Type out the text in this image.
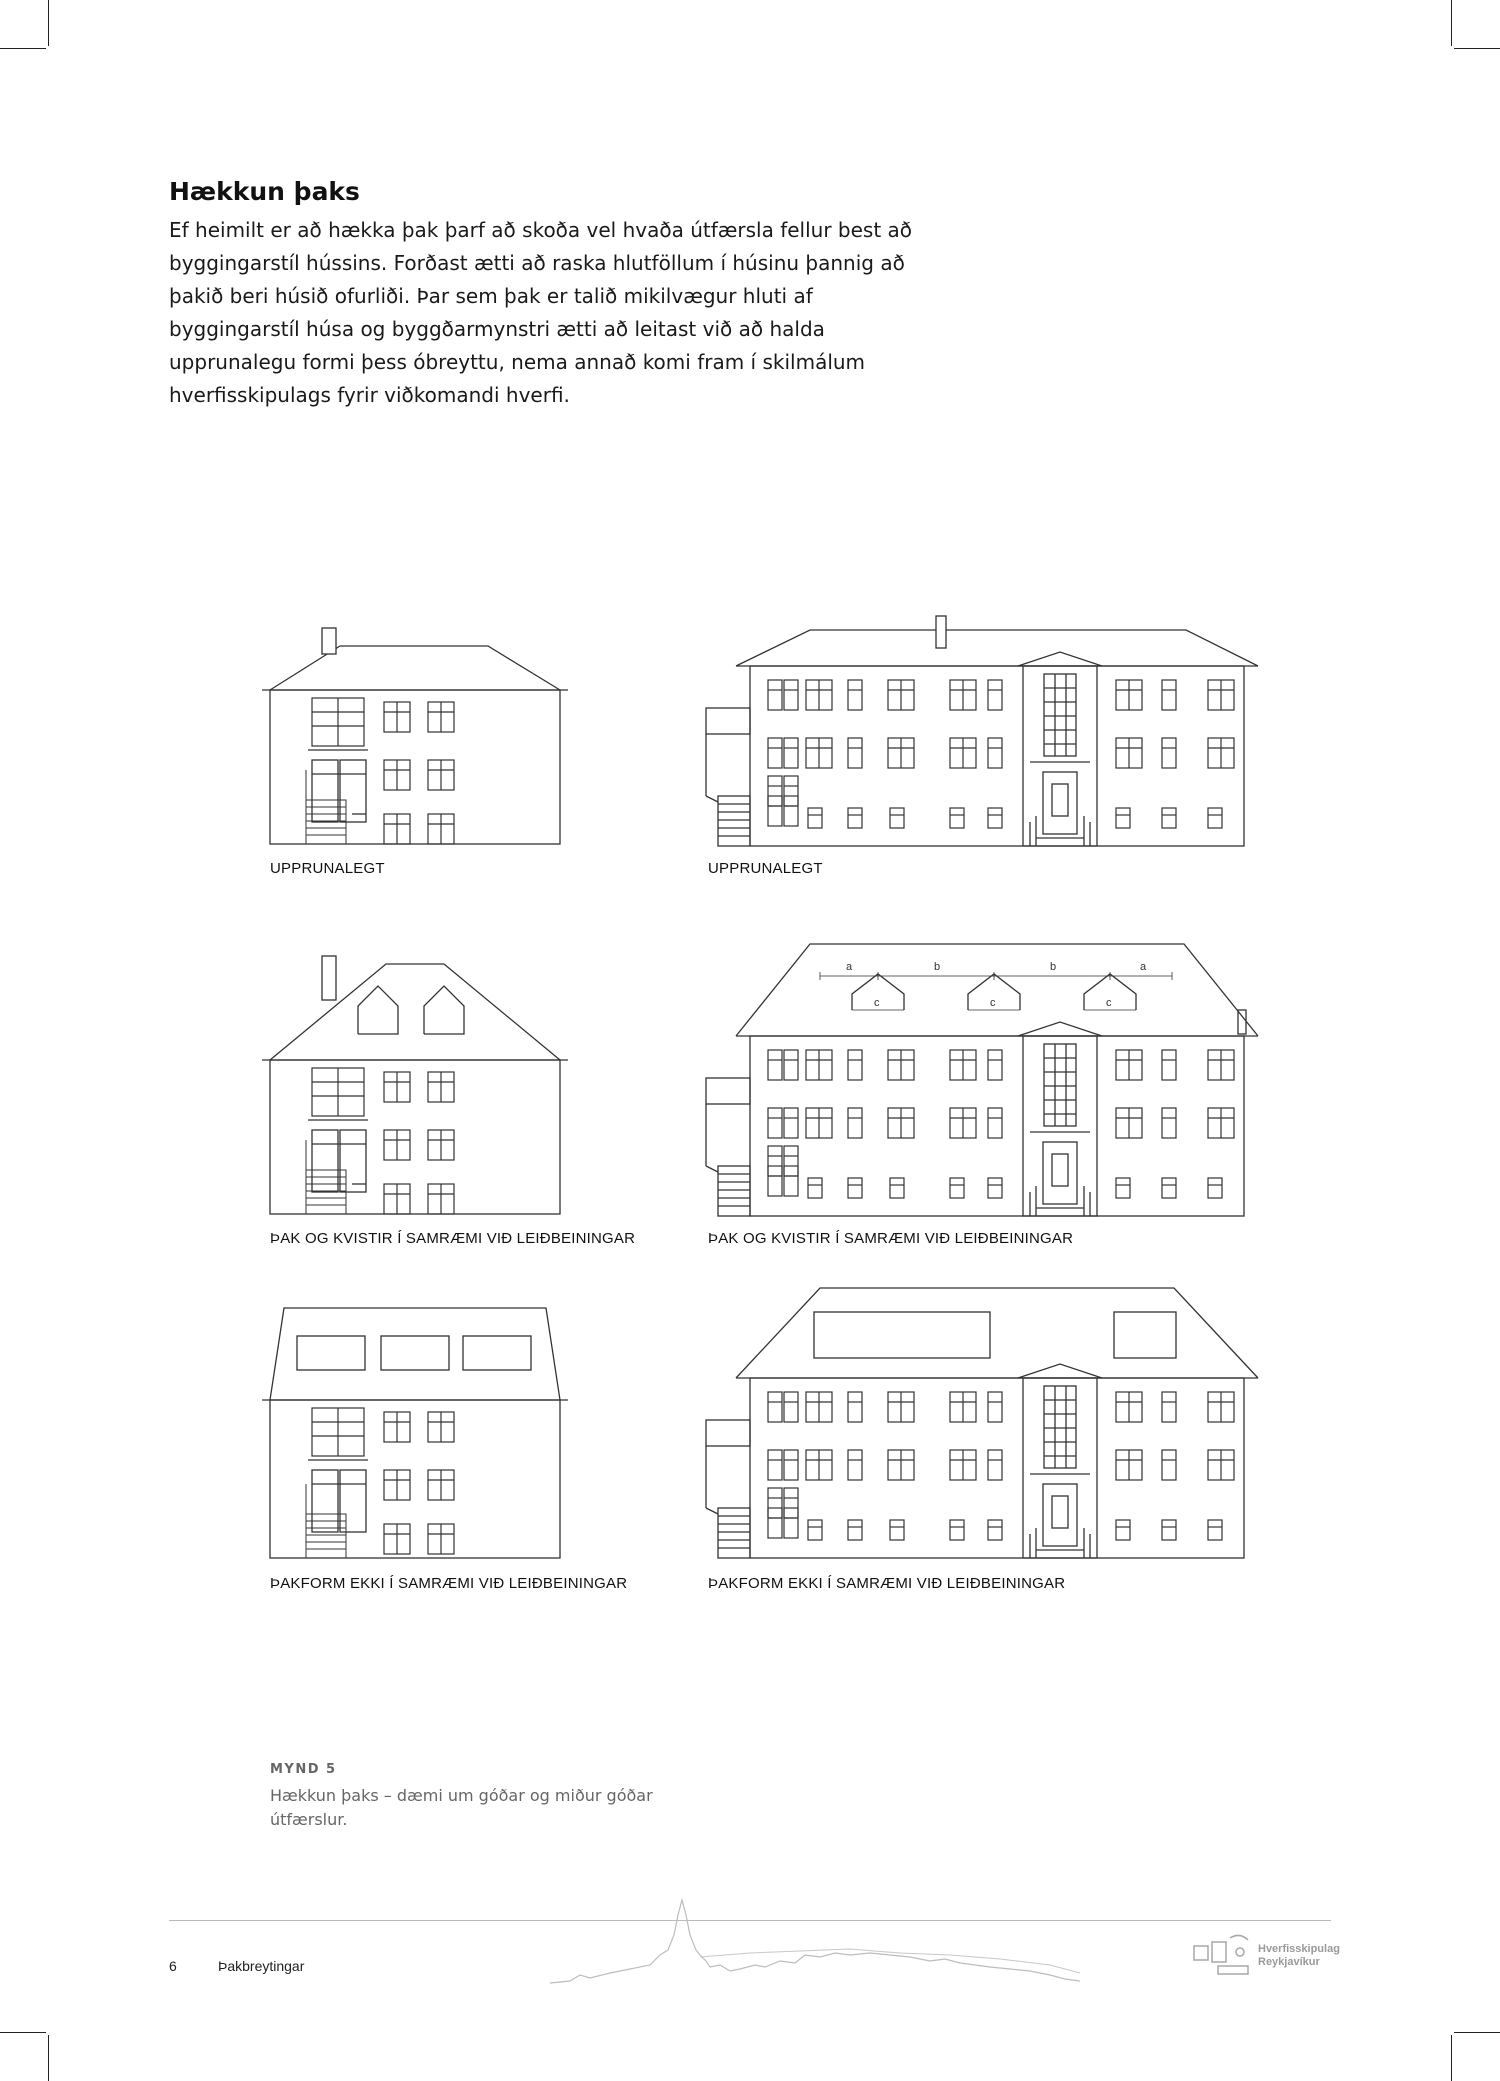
Hækkun þaks

Ef heimilt er að hækka þak þarf að skoða vel hvaða útfærsla fellur best að byggingarstíl hússins. Forðast ætti að raska hlutföllum í húsinu þannig að þakið beri húsið ofurliði. Þar sem þak er talið mikilvægur hluti af byggingarstíl húsa og byggðarmynstri ætti að leitast við að halda upprunalegu formi þess óbreyttu, nema annað komi fram í skilmálum hverfisskipulags fyrir viðkomandi hverfi.

a	b	b	a
c	c	c
UPPRUNALEGT	UPPRUNALEGT
ÞAK OG KVISTIR Í SAMRÆMI VIÐ LEIÐBEININGAR	ÞAK OG KVISTIR Í SAMRÆMI VIÐ LEIÐBEININGAR
ÞAKFORM EKKI Í SAMRÆMI VIÐ LEIÐBEININGAR	ÞAKFORM EKKI Í SAMRÆMI VIÐ LEIÐBEININGAR
MYND 5

Hækkun þaks – dæmi um góðar og miður góðar útfærslur.

6	Þakbreytingar
Hverfisskipulag
Reykjavíkur
